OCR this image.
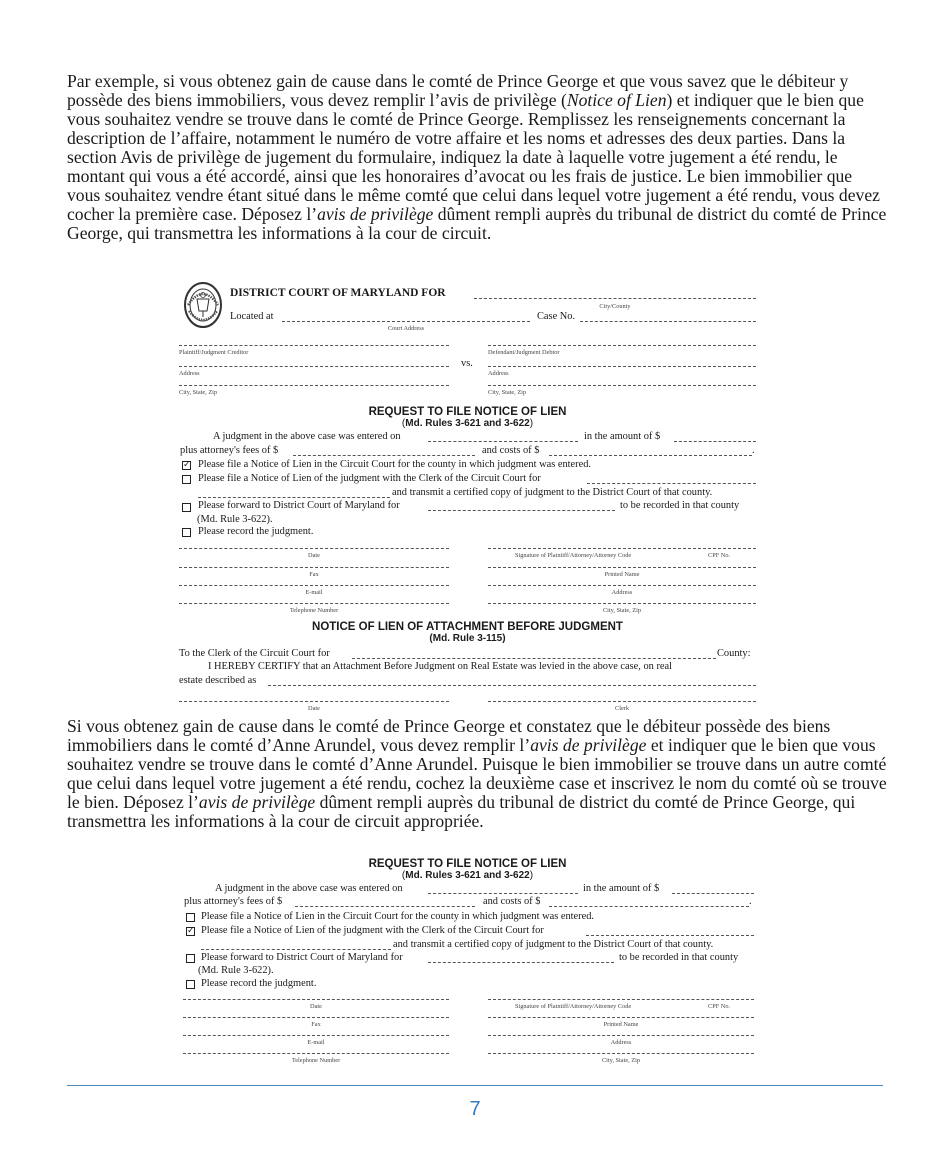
Par exemple, si vous obtenez gain de cause dans le comté de Prince George et que vous savez que le débiteur y possède des biens immobiliers, vous devez remplir l’avis de privilège (Notice of Lien) et indiquer que le bien que vous souhaitez vendre se trouve dans le comté de Prince George. Remplissez les renseignements concernant la description de l’affaire, notamment le numéro de votre affaire et les noms et adresses des deux parties. Dans la section Avis de privilège de jugement du formulaire, indiquez la date à laquelle votre jugement a été rendu, le montant qui vous a été accordé, ainsi que les honoraires d’avocat ou les frais de justice. Le bien immobilier que vous souhaitez vendre étant situé dans le même comté que celui dans lequel votre jugement a été rendu, vous devez cocher la première case. Déposez l’avis de privilège dûment rempli auprès du tribunal de district du comté de Prince George, qui transmettra les informations à la cour de circuit.
DISTRICT COURT OF MARYLAND FOR
City/County
Located at
Court Address
Case No.
Plaintiff/Judgment Creditor
Address
City, State, Zip
vs.
Defendant/Judgment Debtor
Address
City, State, Zip
REQUEST TO FILE NOTICE OF LIEN
(Md. Rules 3-621 and 3-622)
A judgment in the above case was entered on	in the amount of $
plus attorney's fees of $	and costs of $	.
✓ Please file a Notice of Lien in the Circuit Court for the county in which judgment was entered.
Please file a Notice of Lien of the judgment with the Clerk of the Circuit Court for
and transmit a certified copy of judgment to the District Court of that county.
Please forward to District Court of Maryland for	to be recorded in that county
(Md. Rule 3-622).
Please record the judgment.
Date	Signature of Plaintiff/Attorney/Attorney Code	CPF No.
Fax	Printed Name
E-mail	Address
Telephone Number	City, State, Zip
NOTICE OF LIEN OF ATTACHMENT BEFORE JUDGMENT
(Md. Rule 3-115)
To the Clerk of the Circuit Court for	County:
I HEREBY CERTIFY that an Attachment Before Judgment on Real Estate was levied in the above case, on real
estate described as
Date	Clerk
Si vous obtenez gain de cause dans le comté de Prince George et constatez que le débiteur possède des biens immobiliers dans le comté d’Anne Arundel, vous devez remplir l’avis de privilège et indiquer que le bien que vous souhaitez vendre se trouve dans le comté d’Anne Arundel. Puisque le bien immobilier se trouve dans un autre comté que celui dans lequel votre jugement a été rendu, cochez la deuxième case et inscrivez le nom du comté où se trouve le bien. Déposez l’avis de privilège dûment rempli auprès du tribunal de district du comté de Prince George, qui transmettra les informations à la cour de circuit appropriée.
REQUEST TO FILE NOTICE OF LIEN
(Md. Rules 3-621 and 3-622)
A judgment in the above case was entered on	in the amount of $
plus attorney's fees of $	and costs of $	.
Please file a Notice of Lien in the Circuit Court for the county in which judgment was entered.
✓ Please file a Notice of Lien of the judgment with the Clerk of the Circuit Court for
and transmit a certified copy of judgment to the District Court of that county.
Please forward to District Court of Maryland for	to be recorded in that county
(Md. Rule 3-622).
Please record the judgment.
Date	Signature of Plaintiff/Attorney/Attorney Code	CPF No.
Fax	Printed Name
E-mail	Address
Telephone Number	City, State, Zip
7
